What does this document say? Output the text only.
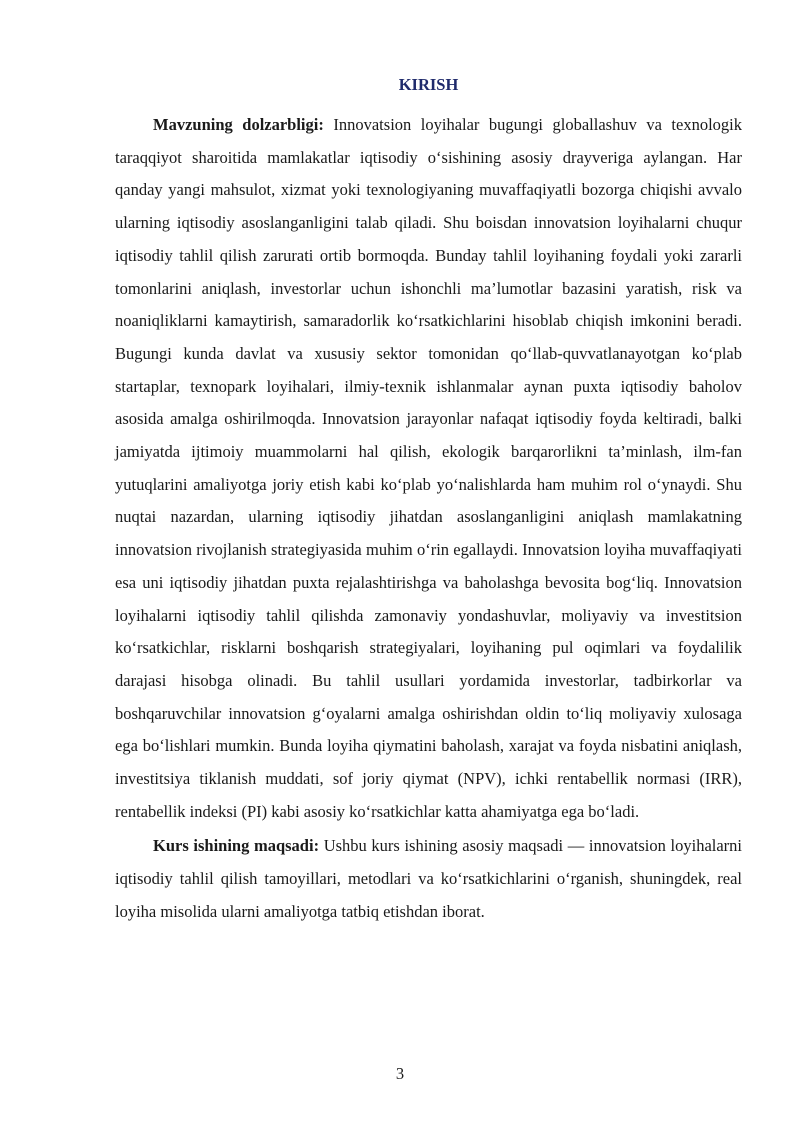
KIRISH

Mavzuning dolzarbligi: Innovatsion loyihalar bugungi globallashuv va texnologik taraqqiyot sharoitida mamlakatlar iqtisodiy o‘sishining asosiy drayveriga aylangan. Har qanday yangi mahsulot, xizmat yoki texnologiyaning muvaffaqiyatli bozorga chiqishi avvalo ularning iqtisodiy asoslanganligini talab qiladi. Shu boisdan innovatsion loyihalarni chuqur iqtisodiy tahlil qilish zarurati ortib bormoqda. Bunday tahlil loyihaning foydali yoki zararli tomonlarini aniqlash, investorlar uchun ishonchli ma’lumotlar bazasini yaratish, risk va noaniqliklarni kamaytirish, samaradorlik ko‘rsatkichlarini hisoblab chiqish imkonini beradi. Bugungi kunda davlat va xususiy sektor tomonidan qo‘llab-quvvatlanayotgan ko‘plab startaplar, texnopark loyihalari, ilmiy-texnik ishlanmalar aynan puxta iqtisodiy baholov asosida amalga oshirilmoqda. Innovatsion jarayonlar nafaqat iqtisodiy foyda keltiradi, balki jamiyatda ijtimoiy muammolarni hal qilish, ekologik barqarorlikni ta’minlash, ilm-fan yutuqlarini amaliyotga joriy etish kabi ko‘plab yo‘nalishlarda ham muhim rol o‘ynaydi. Shu nuqtai nazardan, ularning iqtisodiy jihatdan asoslanganligini aniqlash mamlakatning innovatsion rivojlanish strategiyasida muhim o‘rin egallaydi. Innovatsion loyiha muvaffaqiyati esa uni iqtisodiy jihatdan puxta rejalashtirishga va baholashga bevosita bog‘liq. Innovatsion loyihalarni iqtisodiy tahlil qilishda zamonaviy yondashuvlar, moliyaviy va investitsion ko‘rsatkichlar, risklarni boshqarish strategiyalari, loyihaning pul oqimlari va foydalilik darajasi hisobga olinadi. Bu tahlil usullari yordamida investorlar, tadbirkorlar va boshqaruvchilar innovatsion g‘oyalarni amalga oshirishdan oldin to‘liq moliyaviy xulosaga ega bo‘lishlari mumkin. Bunda loyiha qiymatini baholash, xarajat va foyda nisbatini aniqlash, investitsiya tiklanish muddati, sof joriy qiymat (NPV), ichki rentabellik normasi (IRR), rentabellik indeksi (PI) kabi asosiy ko‘rsatkichlar katta ahamiyatga ega bo‘ladi.

Kurs ishining maqsadi: Ushbu kurs ishining asosiy maqsadi — innovatsion loyihalarni iqtisodiy tahlil qilish tamoyillari, metodlari va ko‘rsatkichlarini o‘rganish, shuningdek, real loyiha misolida ularni amaliyotga tatbiq etishdan iborat.

3
